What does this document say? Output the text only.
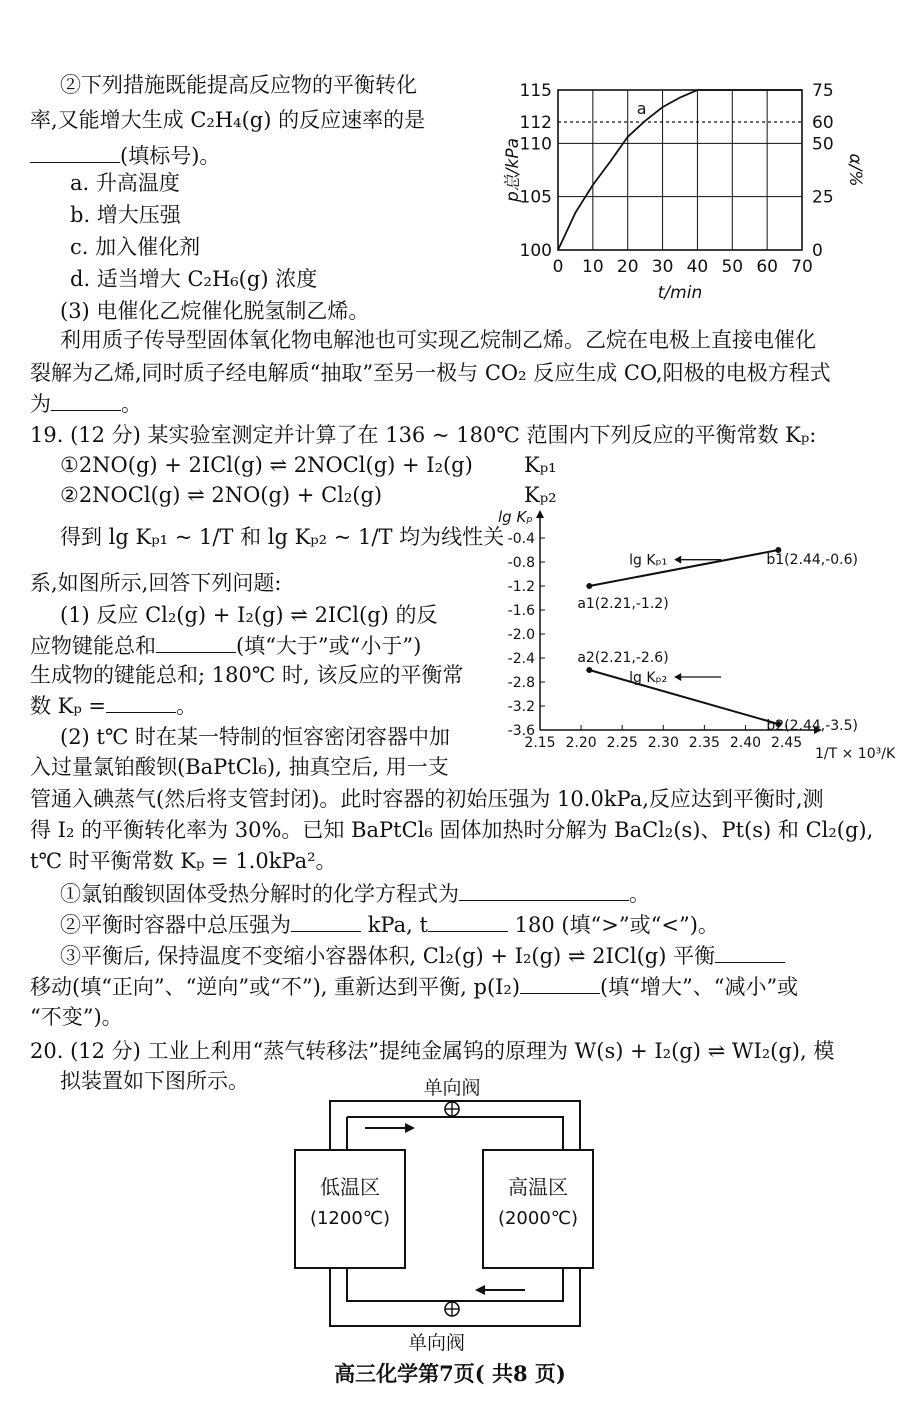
②下列措施既能提高反应物的平衡转化
率,又能增大生成 C₂H₄(g) 的反应速率的是
(填标号)。
a. 升高温度
b. 增大压强
c. 加入催化剂
d. 适当增大 C₂H₆(g) 浓度
(3) 电催化乙烷催化脱氢制乙烯。
利用质子传导型固体氧化物电解池也可实现乙烷制乙烯。乙烷在电极上直接电催化
裂解为乙烯,同时质子经电解质“抽取”至另一极与 CO₂ 反应生成 CO,阳极的电极方程式
为	。
0 10 20 30 40 50 60 70
100
105
110
112
115
0
25
50
60
75
a
t/min
p总/kPa	α/%
19. (12 分) 某实验室测定并计算了在 136 ~ 180℃ 范围内下列反应的平衡常数 Kₚ:
①2NO(g) + 2ICl(g) ⇌ 2NOCl(g) + I₂(g) Kₚ₁
②2NOCl(g) ⇌ 2NO(g) + Cl₂(g)	Kₚ₂
得到 lg Kₚ₁ ~ 1/T 和 lg Kₚ₂ ~ 1/T 均为线性关
系,如图所示,回答下列问题:
(1) 反应 Cl₂(g) + I₂(g) ⇌ 2ICl(g) 的反
应物键能总和	(填“大于”或“小于”)
生成物的键能总和; 180℃ 时, 该反应的平衡常
数 Kₚ =	。
(2) t℃ 时在某一特制的恒容密闭容器中加
入过量氯铂酸钡(BaPtCl₆), 抽真空后, 用一支
管通入碘蒸气(然后将支管封闭)。此时容器的初始压强为 10.0kPa,反应达到平衡时,测
得 I₂ 的平衡转化率为 30%。已知 BaPtCl₆ 固体加热时分解为 BaCl₂(s)、Pt(s) 和 Cl₂(g),
t℃ 时平衡常数 Kₚ = 1.0kPa²。
①氯铂酸钡固体受热分解时的化学方程式为	。
②平衡时容器中总压强为	kPa, t	180 (填“>”或“<”)。
③平衡后, 保持温度不变缩小容器体积, Cl₂(g) + I₂(g) ⇌ 2ICl(g) 平衡
移动(填“正向”、“逆向”或“不”), 重新达到平衡, p(I₂)	(填“增大”、“减小”或
“不变”)。
-0.4
-0.8
-1.2
-1.6
-2.0
-2.4
-2.8
-3.2
-3.6
2.15 2.20 2.25 2.30 2.35 2.40 2.45
a1(2.21,-1.2)
b1(2.44,-0.6)
lg Kₚ₁
a2(2.21,-2.6)
b2(2.44,-3.5)
lg Kₚ₂
lg Kₚ
1/T × 10³/K
20. (12 分) 工业上利用“蒸气转移法”提纯金属钨的原理为 W(s) + I₂(g) ⇌ WI₂(g), 模
拟装置如下图所示。	单向阀
低温区
(1200℃)
高温区
(2000℃)
单向阀
高三化学第7页( 共8 页)
